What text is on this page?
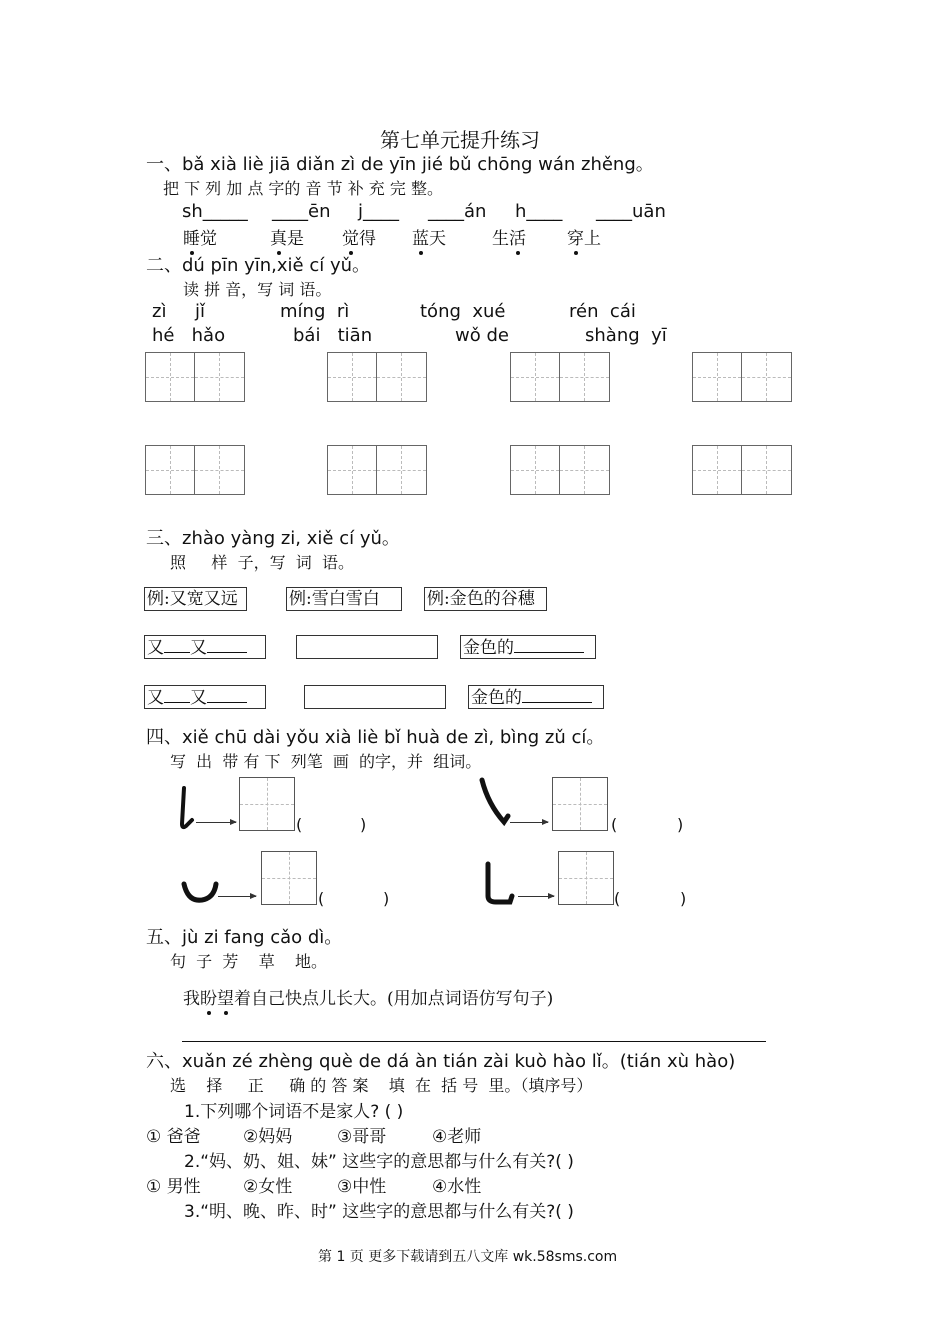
第七单元提升练习
一、bǎ xià liè jiā diǎn zì de yīn jié bǔ chōng wán zhěng。
把 下 列 加 点 字的 音 节 补 充 完 整。
sh_____ ____ēn j____ ____án h____ ____uān
睡觉	真是 觉得 蓝天	生活 穿上
二、dú pīn yīn,xiě cí yǔ。
读 拼 音，写 词 语。
zì     jǐ	míng  rì	tóng  xué	rén  cái
hé   hǎo	bái   tiān	wǒ de	shàng  yī
三、zhào yàng zi, xiě cí yǔ。
照     样  子，写  词  语。
例:又宽又远	例:雪白雪白	例:金色的谷穗
又 又	金色的
又 又	金色的
四、xiě chū dài yǒu xià liè bǐ huà de zì, bìng zǔ cí。
写  出  带 有 下  列笔  画  的字，并  组词。
(	)	(	)
(	)	(	)
五、jù zi fang cǎo dì。
句  子  芳    草    地。
我盼望着自己快点儿长大。(用加点词语仿写句子)
六、xuǎn zé zhèng què de dá àn tián zài kuò hào lǐ。(tián xù hào)
选    择     正     确 的 答 案    填  在  括 号  里。（填序号）
1.下列哪个词语不是家人? ( )
① 爸爸 ②妈妈	③哥哥	④老师
2.“妈、奶、姐、妹” 这些字的意思都与什么有关?( )
① 男性 ②女性	③中性	④水性
3.“明、晚、昨、时” 这些字的意思都与什么有关?( )
第 1 页 更多下载请到五八文库 wk.58sms.com
